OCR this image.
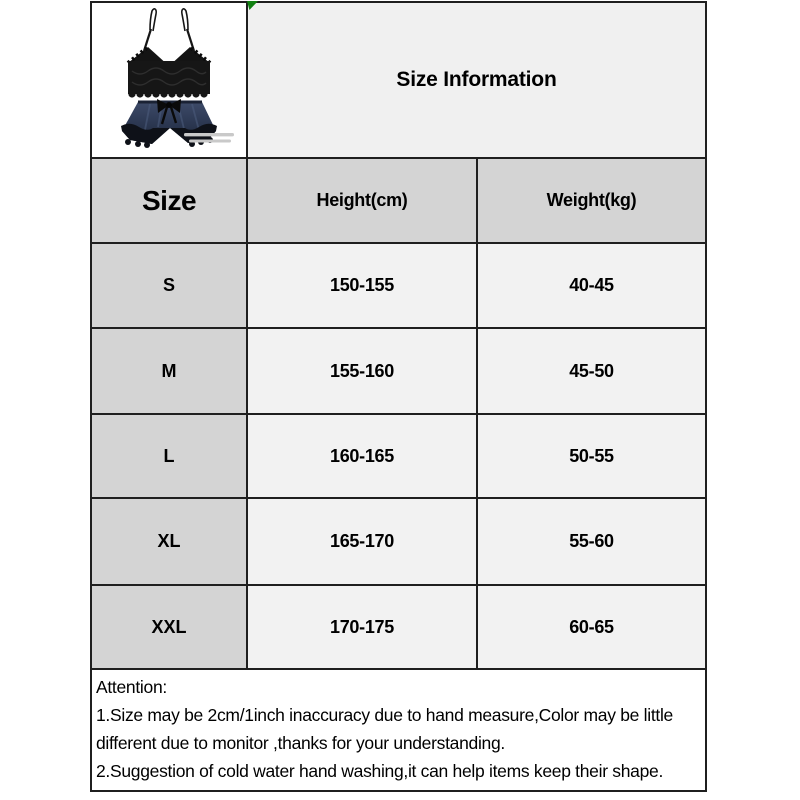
	Size Information	
Size	Height(cm)	Weight(kg)
S	150-155	40-45
M	155-160	45-50
L	160-165	50-55
XL	165-170	55-60
XXL	170-175	60-65
Attention:
1.Size may be 2cm/1inch inaccuracy due to hand measure,Color may be little
different due to monitor ,thanks for your understanding.
2.Suggestion of cold water hand washing,it can help items keep their shape.
